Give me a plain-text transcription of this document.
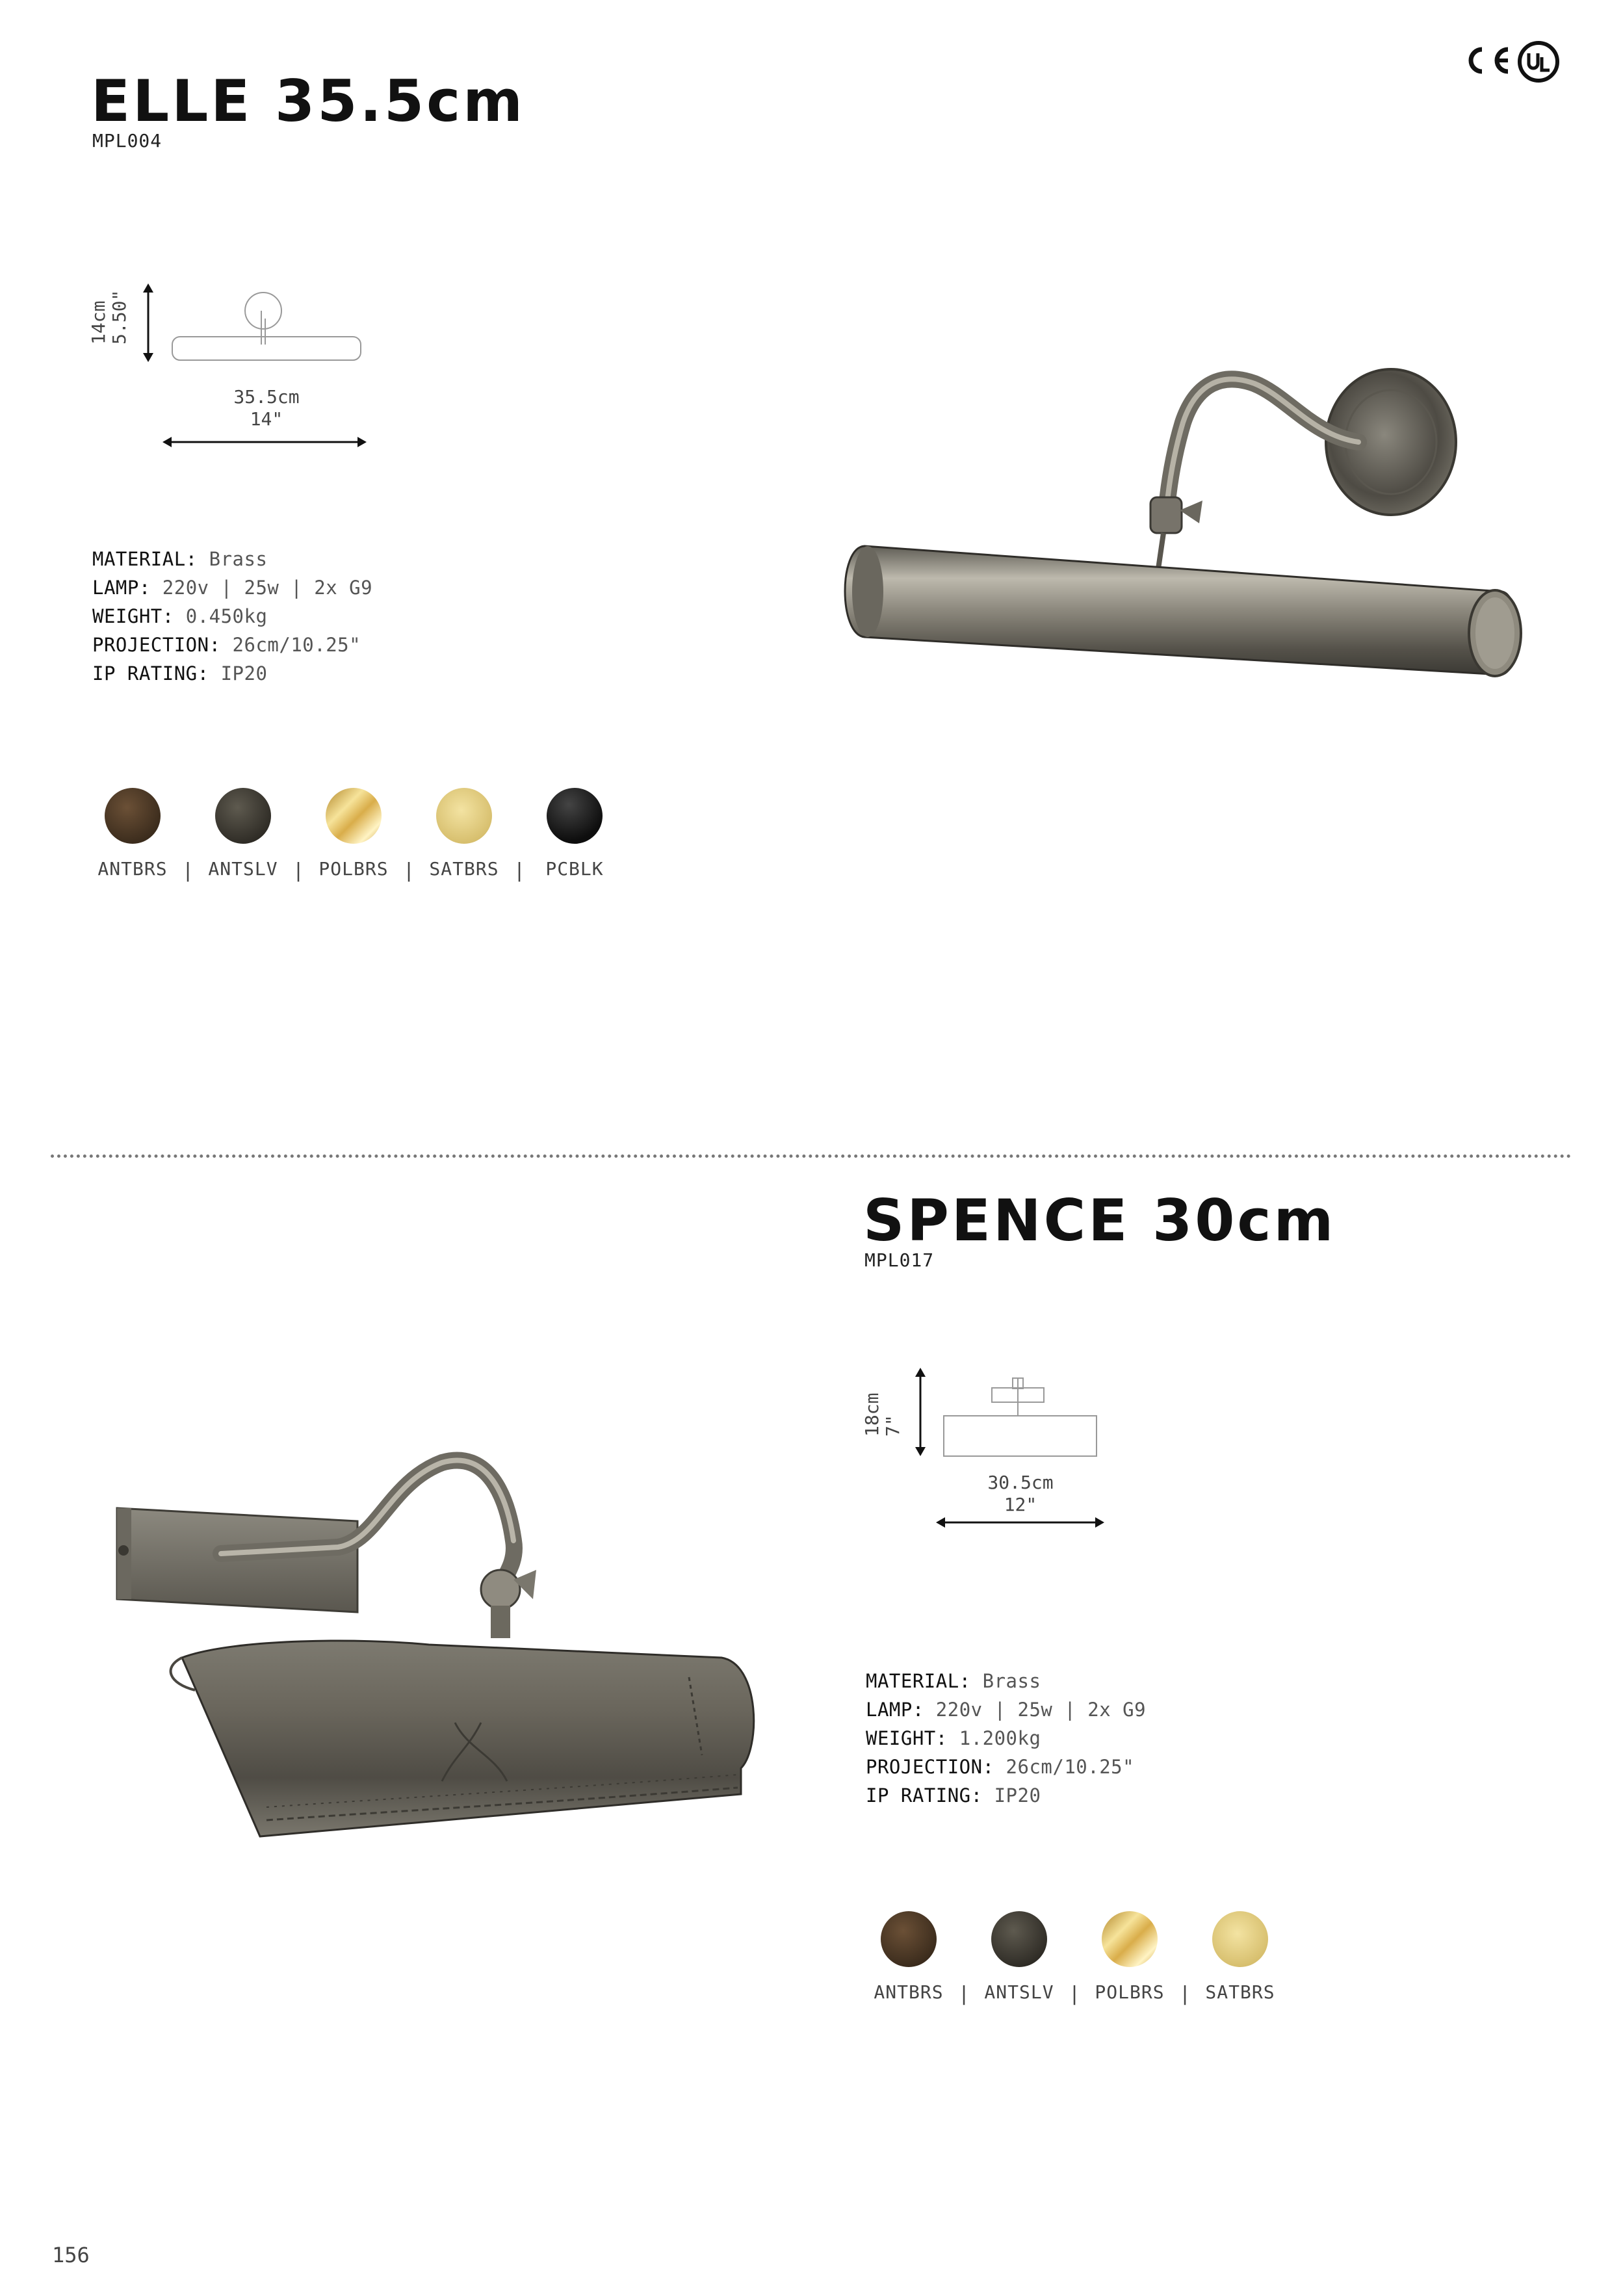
ELLE 35.5cm
MPL004
14cm 5.50"
35.5cm
14"
MATERIAL: Brass
LAMP: 220v | 25w | 2x G9
WEIGHT: 0.450kg
PROJECTION: 26cm/10.25"
IP RATING: IP20
ANTBRS | ANTSLV | POLBRS | SATBRS |	PCBLK
SPENCE 30cm
MPL017
18cm 7"
30.5cm
12"
MATERIAL: Brass
LAMP: 220v | 25w | 2x G9
WEIGHT: 1.200kg
PROJECTION: 26cm/10.25"
IP RATING: IP20
ANTBRS | ANTSLV | POLBRS | SATBRS
156
